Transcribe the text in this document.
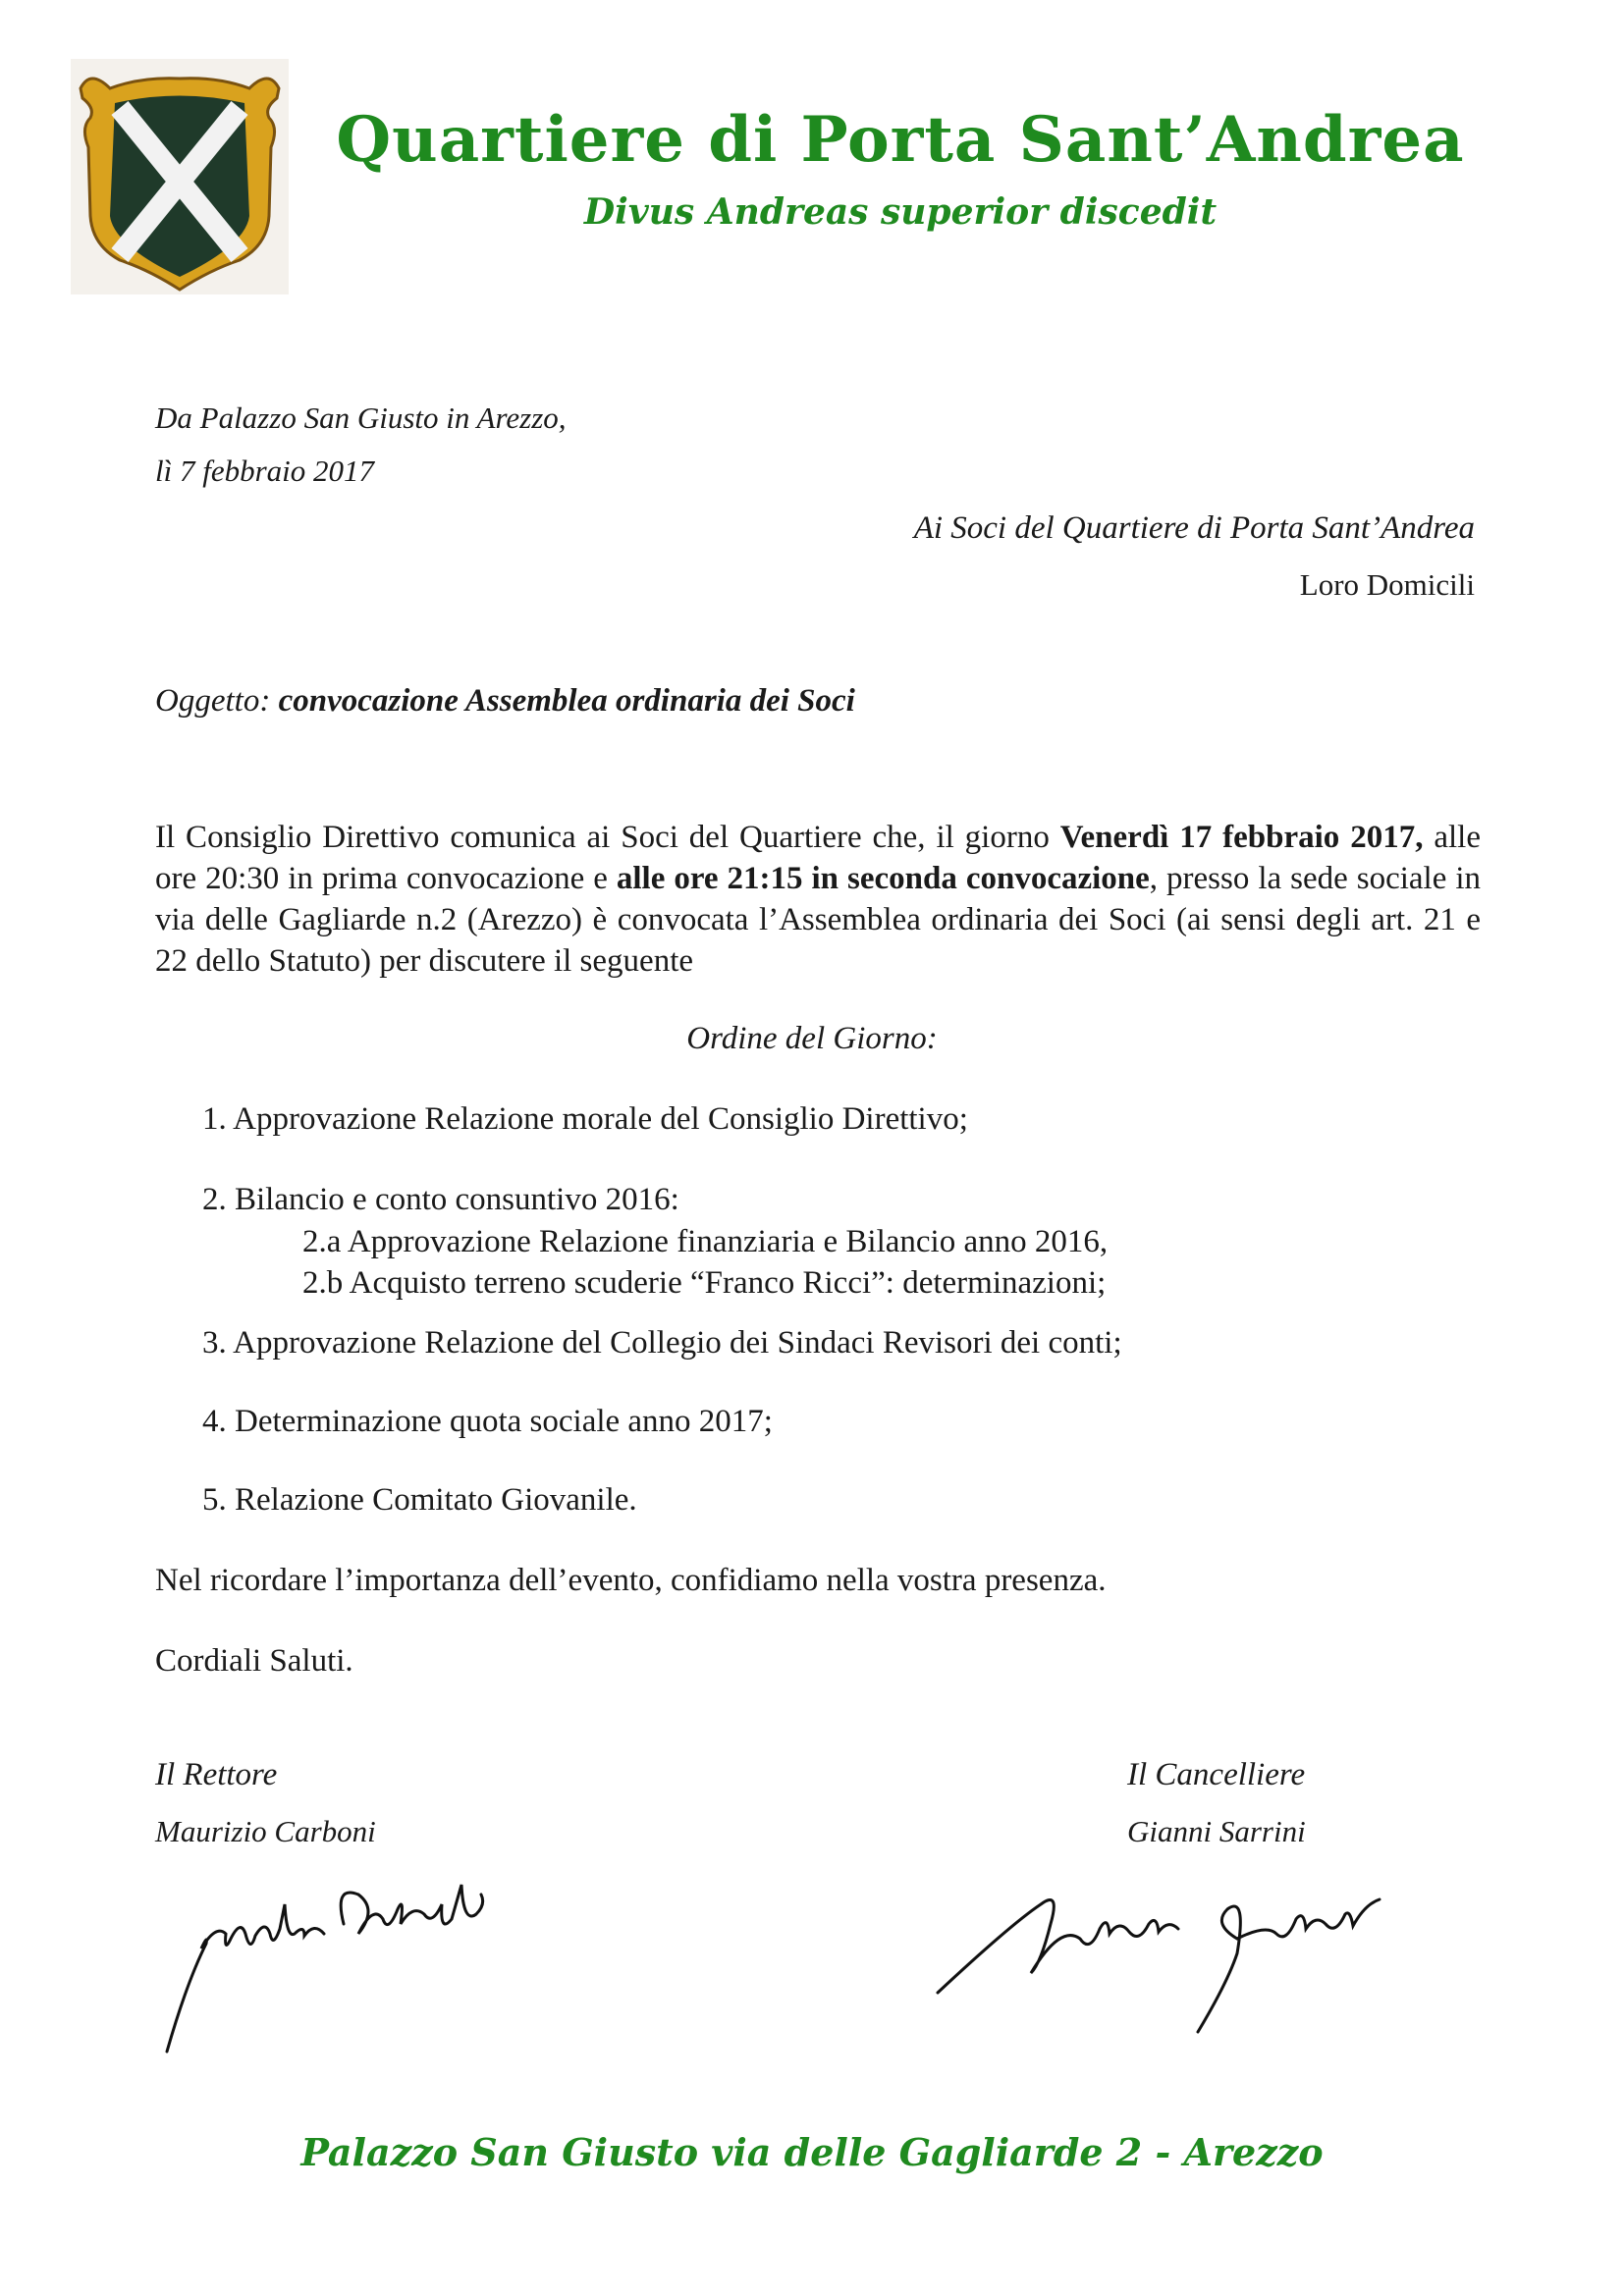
Quartiere di Porta Sant’Andrea
Divus Andreas superior discedit
Da Palazzo San Giusto in Arezzo,
lì 7 febbraio 2017
Ai Soci del Quartiere di Porta Sant’Andrea
Loro Domicili
Oggetto: convocazione Assemblea ordinaria dei Soci
Il Consiglio Direttivo comunica ai Soci del Quartiere che, il giorno Venerdì 17 febbraio 2017, alle ore 20:30 in prima convocazione e alle ore 21:15 in seconda convocazione, presso la sede sociale in via delle Gagliarde n.2 (Arezzo) è convocata l’Assemblea ordinaria dei Soci (ai sensi degli art. 21 e 22 dello Statuto) per discutere il seguente
Ordine del Giorno:
1. Approvazione Relazione morale del Consiglio Direttivo;
2. Bilancio e conto consuntivo 2016:
2.a Approvazione Relazione finanziaria e Bilancio anno 2016,
2.b Acquisto terreno scuderie “Franco Ricci”: determinazioni;
3. Approvazione Relazione del Collegio dei Sindaci Revisori dei conti;
4. Determinazione quota sociale anno 2017;
5. Relazione Comitato Giovanile.
Nel ricordare l’importanza dell’evento, confidiamo nella vostra presenza.
Cordiali Saluti.
Il Rettore
Maurizio Carboni
Il Cancelliere
Gianni Sarrini
Palazzo San Giusto via delle Gagliarde 2 - Arezzo
